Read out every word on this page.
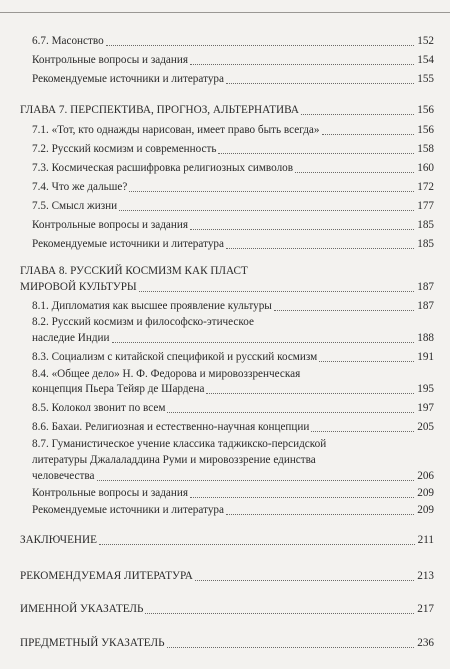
6.7. Масонство	152
Контрольные вопросы и задания	154
Рекомендуемые источники и литература	155
ГЛАВА 7. ПЕРСПЕКТИВА, ПРОГНОЗ, АЛЬТЕРНАТИВА	156
7.1. «Тот, кто однажды нарисован, имеет право быть всегда»	156
7.2. Русский космизм и современность	158
7.3. Космическая расшифровка религиозных символов	160
7.4. Что же дальше?	172
7.5. Смысл жизни	177
Контрольные вопросы и задания	185
Рекомендуемые источники и литература	185
ГЛАВА 8. РУССКИЙ КОСМИЗМ КАК ПЛАСТ
МИРОВОЙ КУЛЬТУРЫ	187
8.1. Дипломатия как высшее проявление культуры	187
8.2. Русский космизм и философско-этическое
наследие Индии	188
8.3. Социализм с китайской спецификой и русский космизм	191
8.4. «Общее дело» Н. Ф. Федорова и мировоззренческая
концепция Пьера Тейяр де Шардена	195
8.5. Колокол звонит по всем	197
8.6. Бахаи. Религиозная и естественно-научная концепции	205
8.7. Гуманистическое учение классика таджикско-персидской
литературы Джалаладдина Руми и мировоззрение единства
человечества	206
Контрольные вопросы и задания	209
Рекомендуемые источники и литература	209
ЗАКЛЮЧЕНИЕ	211
РЕКОМЕНДУЕМАЯ ЛИТЕРАТУРА	213
ИМЕННОЙ УКАЗАТЕЛЬ	217
ПРЕДМЕТНЫЙ УКАЗАТЕЛЬ	236
